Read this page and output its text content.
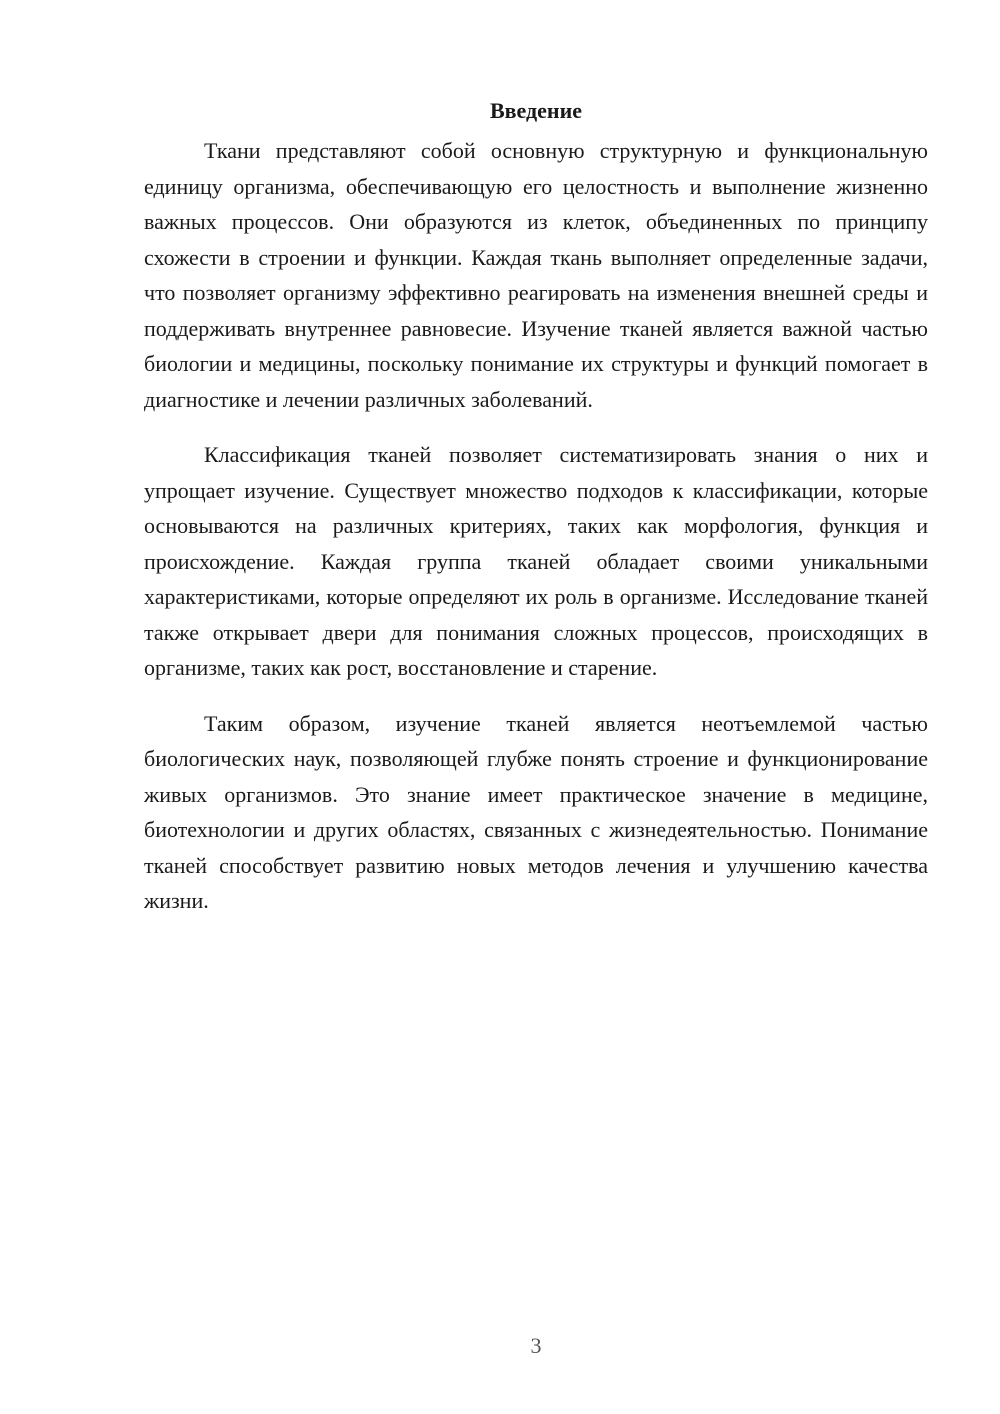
Введение

Ткани представляют собой основную структурную и функциональную единицу организма, обеспечивающую его целостность и выполнение жизненно важных процессов. Они образуются из клеток, объединенных по принципу схожести в строении и функции. Каждая ткань выполняет определенные задачи, что позволяет организму эффективно реагировать на изменения внешней среды и поддерживать внутреннее равновесие. Изучение тканей является важной частью биологии и медицины, поскольку понимание их структуры и функций помогает в диагностике и лечении различных заболеваний.

Классификация тканей позволяет систематизировать знания о них и упрощает изучение. Существует множество подходов к классификации, которые основываются на различных критериях, таких как морфология, функция и происхождение. Каждая группа тканей обладает своими уникальными характеристиками, которые определяют их роль в организме. Исследование тканей также открывает двери для понимания сложных процессов, происходящих в организме, таких как рост, восстановление и старение.

Таким образом, изучение тканей является неотъемлемой частью биологических наук, позволяющей глубже понять строение и функционирование живых организмов. Это знание имеет практическое значение в медицине, биотехнологии и других областях, связанных с жизнедеятельностью. Понимание тканей способствует развитию новых методов лечения и улучшению качества жизни.

3
